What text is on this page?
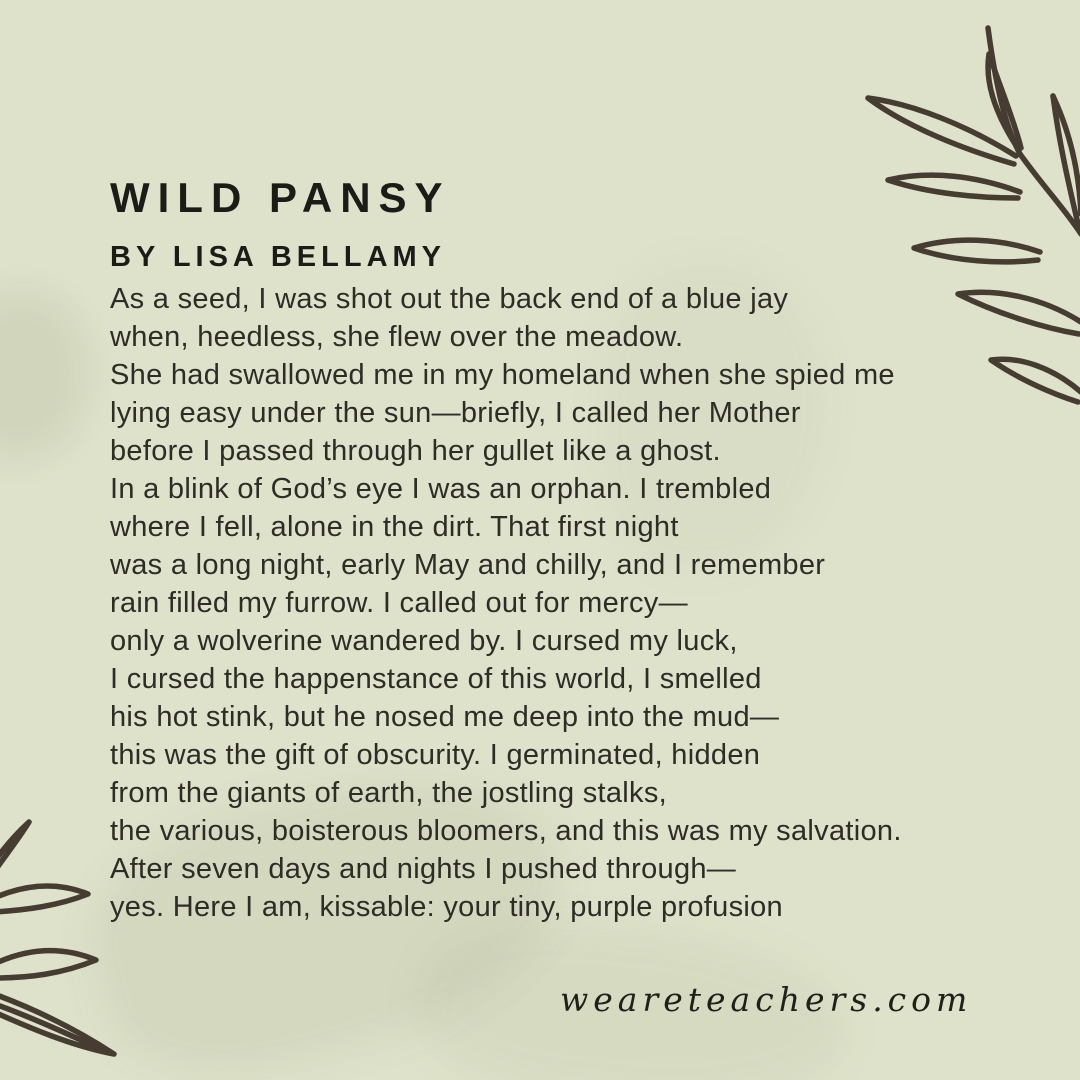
WILD PANSY
BY LISA BELLAMY
As a seed, I was shot out the back end of a blue jay
when, heedless, she flew over the meadow.
She had swallowed me in my homeland when she spied me
lying easy under the sun—briefly, I called her Mother
before I passed through her gullet like a ghost.
In a blink of God’s eye I was an orphan. I trembled
where I fell, alone in the dirt. That first night
was a long night, early May and chilly, and I remember
rain filled my furrow. I called out for mercy—
only a wolverine wandered by. I cursed my luck,
I cursed the happenstance of this world, I smelled
his hot stink, but he nosed me deep into the mud—
this was the gift of obscurity. I germinated, hidden
from the giants of earth, the jostling stalks,
the various, boisterous bloomers, and this was my salvation.
After seven days and nights I pushed through—
yes. Here I am, kissable: your tiny, purple profusion
weareteachers.com
